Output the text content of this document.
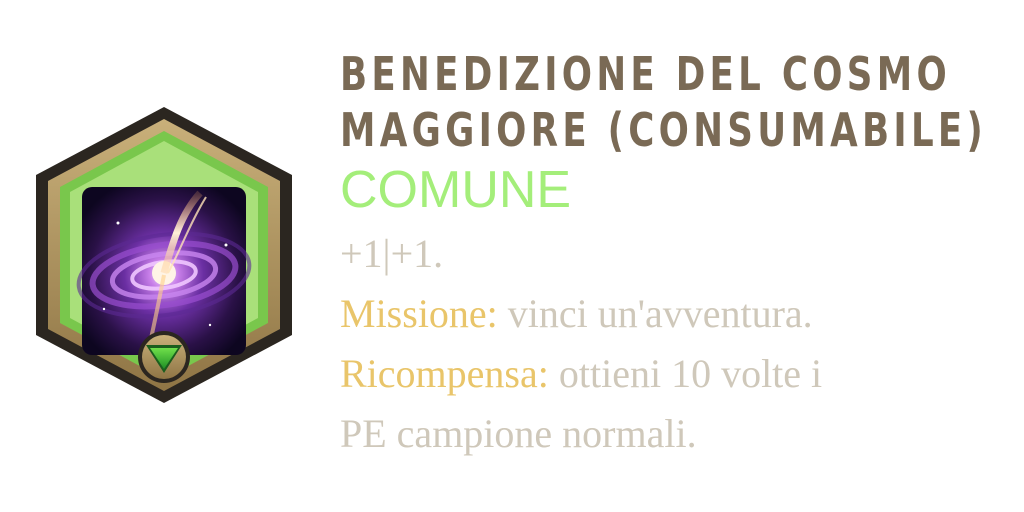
BENEDIZIONE DEL COSMO
MAGGIORE (CONSUMABILE)
COMUNE
+1|+1.
Missione: vinci un'avventura.
Ricompensa: ottieni 10 volte i
PE campione normali.
